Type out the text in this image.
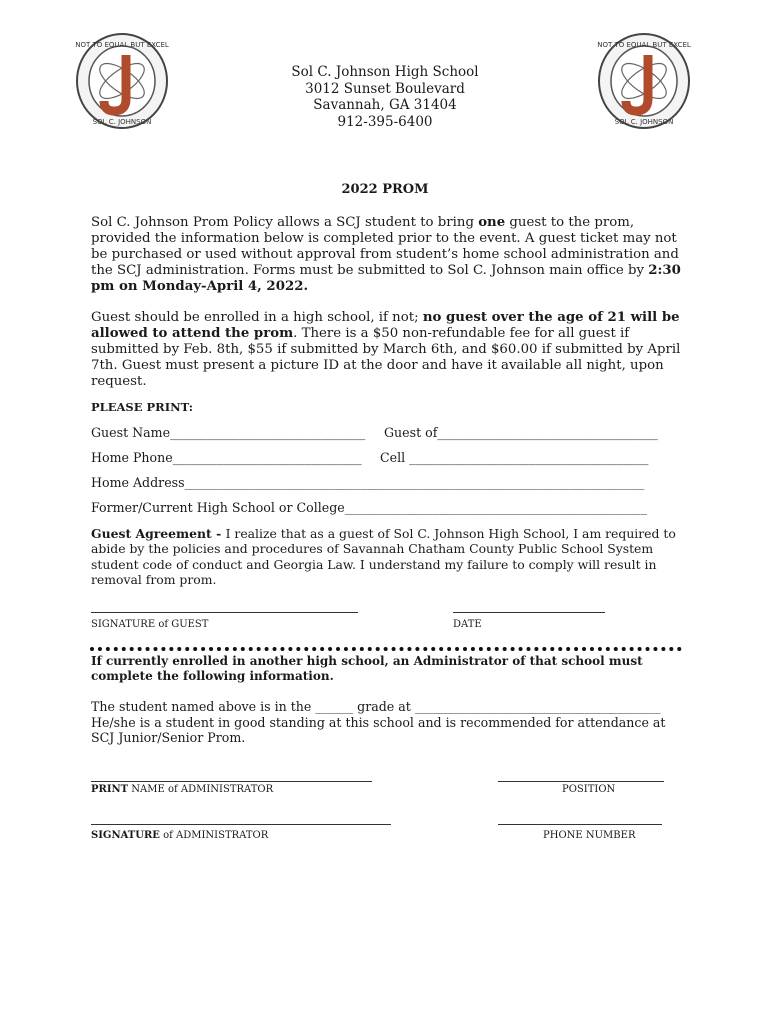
NOT TO EQUAL BUT EXCEL
SOL C. JOHNSON
NOT TO EQUAL BUT EXCEL
SOL C. JOHNSON
Sol C. Johnson High School
3012 Sunset Boulevard
Savannah, GA 31404
912-395-6400
2022 PROM
Sol C. Johnson Prom Policy allows a SCJ student to bring one guest to the prom, provided the information below is completed prior to the event. A guest ticket may not be purchased or used without approval from student’s home school administration and the SCJ administration. Forms must be submitted to Sol C. Johnson main office by 2:30 pm on Monday-April 4, 2022.
Guest should be enrolled in a high school, if not; no guest over the age of 21 will be allowed to attend the prom. There is a $50 non-refundable fee for all guest if submitted by Feb. 8th, $55 if submitted by March 6th, and $60.00 if submitted by April 7th. Guest must present a picture ID at the door and have it available all night, upon request.
PLEASE PRINT:
Guest Name_______________________________ Guest of___________________________________
Home Phone______________________________ Cell ______________________________________
Home Address_________________________________________________________________________
Former/Current High School or College________________________________________________
Guest Agreement - I realize that as a guest of Sol C. Johnson High School, I am required to abide by the policies and procedures of Savannah Chatham County Public School System student code of conduct and Georgia Law. I understand my failure to comply will result in removal from prom.
SIGNATURE of GUEST	DATE
If currently enrolled in another high school, an Administrator of that school must complete the following information.
The student named above is in the ______ grade at _______________________________________
He/she is a student in good standing at this school and is recommended for attendance at SCJ Junior/Senior Prom.
PRINT NAME of ADMINISTRATOR	POSITION
SIGNATURE of ADMINISTRATOR	PHONE NUMBER
